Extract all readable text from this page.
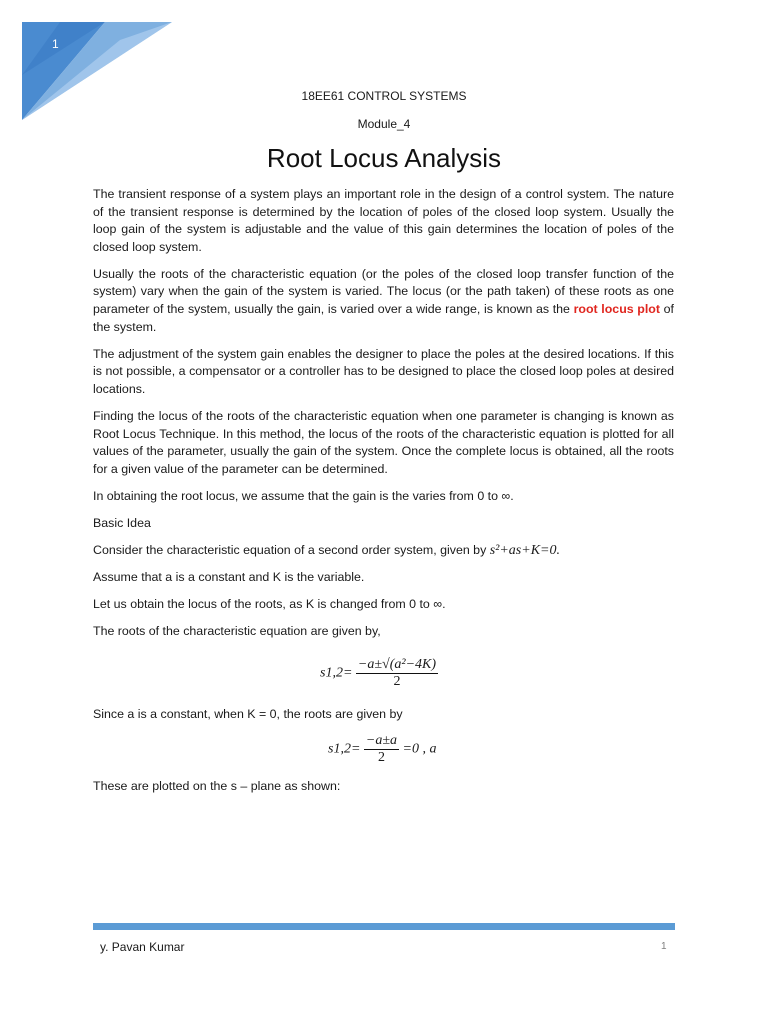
1
18EE61 CONTROL SYSTEMS
Module_4
Root Locus Analysis

The transient response of a system plays an important role in the design of a control system. The nature of the transient response is determined by the location of poles of the closed loop system. Usually the loop gain of the system is adjustable and the value of this gain determines the location of poles of the closed loop system.

Usually the roots of the characteristic equation (or the poles of the closed loop transfer function of the system) vary when the gain of the system is varied. The locus (or the path taken) of these roots as one parameter of the system, usually the gain, is varied over a wide range, is known as the root locus plot of the system.

The adjustment of the system gain enables the designer to place the poles at the desired locations. If this is not possible, a compensator or a controller has to be designed to place the closed loop poles at desired locations.

Finding the locus of the roots of the characteristic equation when one parameter is changing is known as Root Locus Technique. In this method, the locus of the roots of the characteristic equation is plotted for all values of the parameter, usually the gain of the system. Once the complete locus is obtained, all the roots for a given value of the parameter can be determined.

In obtaining the root locus, we assume that the gain is the varies from 0 to ∞.

Basic Idea

Consider the characteristic equation of a second order system, given by s²+as+K=0.

Assume that a is a constant and K is the variable.

Let us obtain the locus of the roots, as K is changed from 0 to ∞.

The roots of the characteristic equation are given by,

$s1,2= \frac{\text{−a±√(a²−4K)}}{2}$

Since a is a constant, when K = 0, the roots are given by

$s1,2= \frac{-a\pm a}{2} =0$ , a

These are plotted on the s – plane as shown:

y. Pavan Kumar	1
